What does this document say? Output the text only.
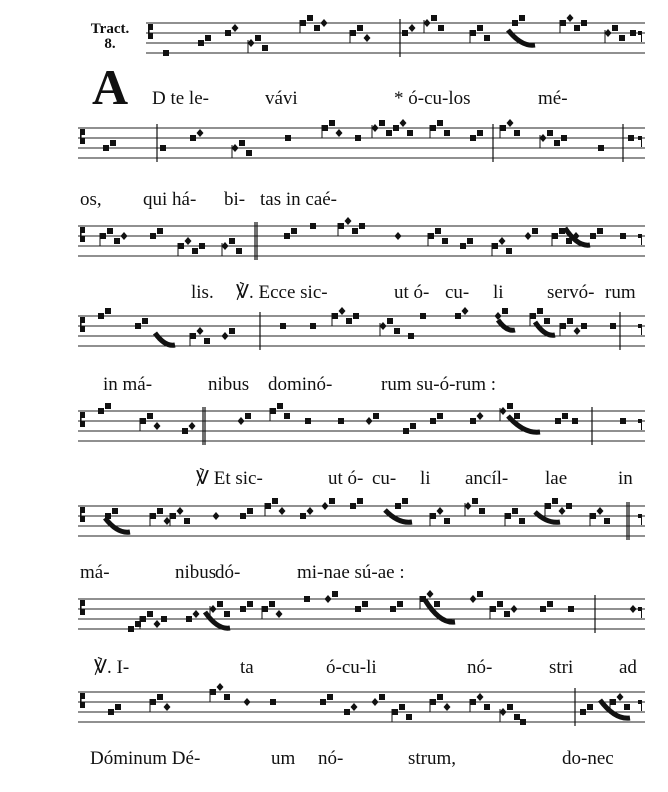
Tract.
8.
A D te le-	vávi	* ó-cu-los	mé-
os, qui há- bi- tas in caé-
lis. ℣. Ecce sic-	ut ó- cu- li servó- rum
in má-	nibus dominó-	rum su-ó-rum :
℣ Et sic-	ut ó- cu- li ancíl- lae	in
má-	nibus
dó-	mi-nae sú-ae :
℣. I-	ta	ó-cu-li	nó-	stri ad
Dóminum Dé-	um nó-	strum,	do-nec
